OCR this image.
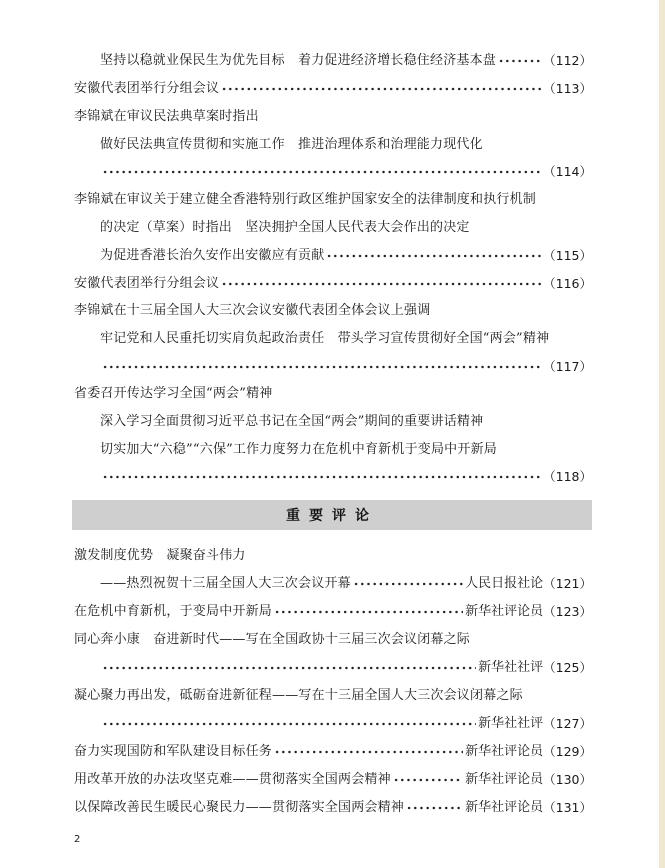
坚持以稳就业保民生为优先目标　着力促进经济增长稳住经济基本盘	（112）
安徽代表团举行分组会议	（113）
李锦斌在审议民法典草案时指出
做好民法典宣传贯彻和实施工作　推进治理体系和治理能力现代化
（114）
李锦斌在审议关于建立健全香港特别行政区维护国家安全的法律制度和执行机制
的决定（草案）时指出　坚决拥护全国人民代表大会作出的决定
为促进香港长治久安作出安徽应有贡献	（115）
安徽代表团举行分组会议	（116）
李锦斌在十三届全国人大三次会议安徽代表团全体会议上强调
牢记党和人民重托切实肩负起政治责任　带头学习宣传贯彻好全国“两会”精神
（117）
省委召开传达学习全国“两会”精神
深入学习全面贯彻习近平总书记在全国“两会”期间的重要讲话精神
切实加大“六稳”“六保”工作力度努力在危机中育新机于变局中开新局
（118）
重要评论
激发制度优势　凝聚奋斗伟力
——热烈祝贺十三届全国人大三次会议开幕	人民日报社论 （121）
在危机中育新机，于变局中开新局	新华社评论员 （123）
同心奔小康　奋进新时代——写在全国政协十三届三次会议闭幕之际
新华社社评 （125）
凝心聚力再出发，砥砺奋进新征程——写在十三届全国人大三次会议闭幕之际
新华社社评 （127）
奋力实现国防和军队建设目标任务	新华社评论员 （129）
用改革开放的办法攻坚克难——贯彻落实全国两会精神	新华社评论员 （130）
以保障改善民生暖民心聚民力——贯彻落实全国两会精神	新华社评论员 （131）
2
